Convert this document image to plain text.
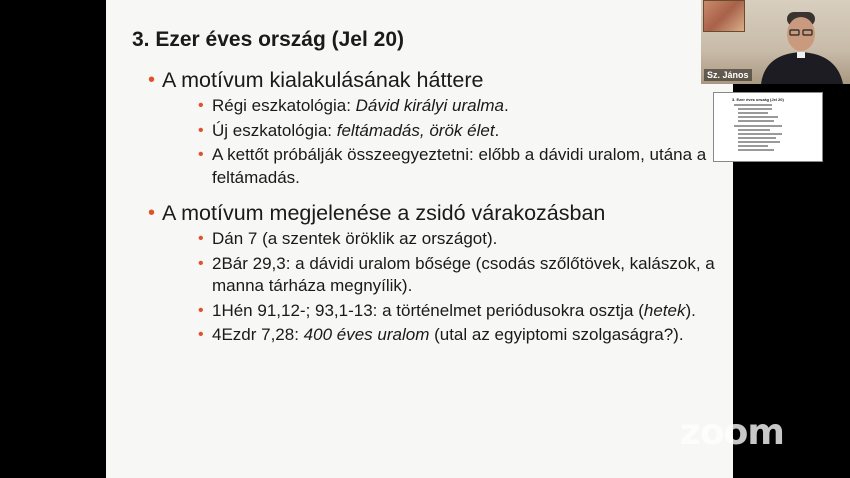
3. Ezer éves ország (Jel 20)
• A motívum kialakulásának háttere
• Régi eszkatológia: Dávid királyi uralma.
• Új eszkatológia: feltámadás, örök élet.
• A kettőt próbálják összeegyeztetni: előbb a dávidi uralom, utána a feltámadás.
• A motívum megjelenése a zsidó várakozásban
• Dán 7 (a szentek öröklik az országot).
• 2Bár 29,3: a dávidi uralom bősége (csodás szőlőtövek, kalászok, a manna tárháza megnyílik).
• 1Hén 91,12-; 93,1-13: a történelmet periódusokra osztja (hetek).
• 4Ezdr 7,28: 400 éves uralom (utal az egyiptomi szolgaságra?).
Sz. János
3. Ezer éves ország (Jel 20)
zoom
